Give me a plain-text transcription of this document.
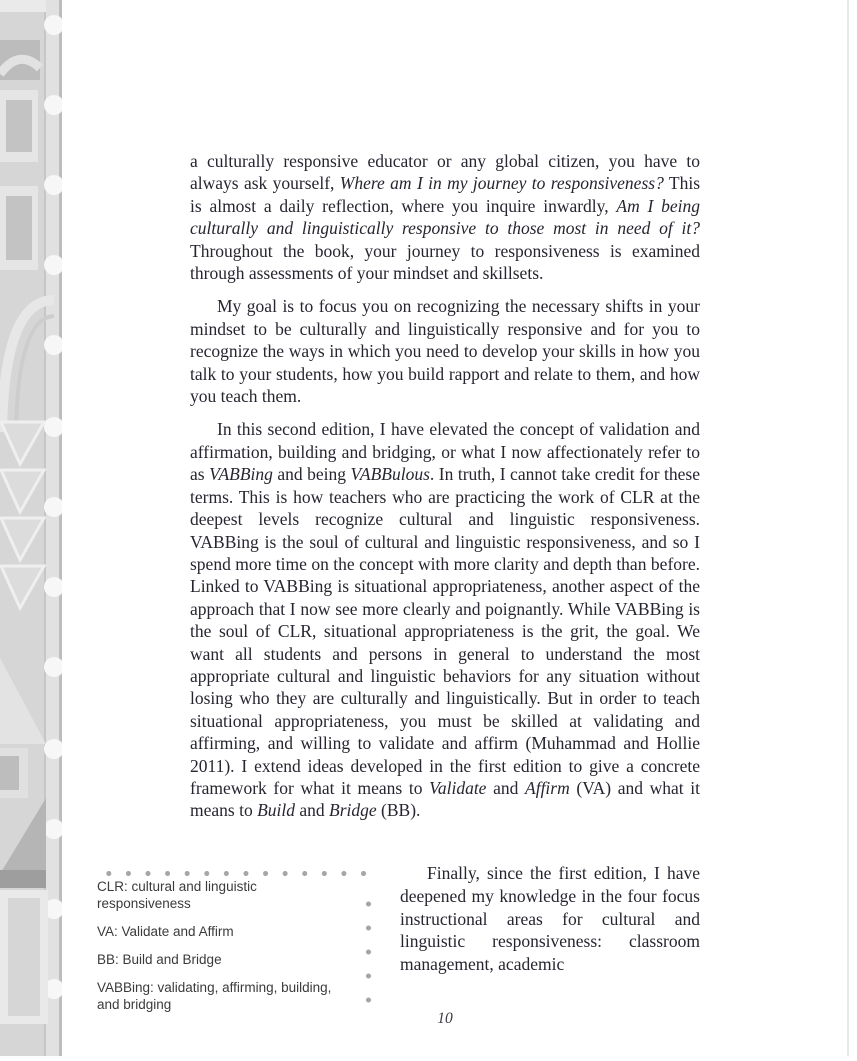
a culturally responsive educator or any global citizen, you have to always ask yourself, Where am I in my journey to responsiveness? This is almost a daily reflection, where you inquire inwardly, Am I being culturally and linguistically responsive to those most in need of it? Throughout the book, your journey to responsiveness is examined through assessments of your mindset and skillsets.

My goal is to focus you on recognizing the necessary shifts in your mindset to be culturally and linguistically responsive and for you to recognize the ways in which you need to develop your skills in how you talk to your students, how you build rapport and relate to them, and how you teach them.

In this second edition, I have elevated the concept of validation and affirmation, building and bridging, or what I now affectionately refer to as VABBing and being VABBulous. In truth, I cannot take credit for these terms. This is how teachers who are practicing the work of CLR at the deepest levels recognize cultural and linguistic responsiveness. VABBing is the soul of cultural and linguistic responsiveness, and so I spend more time on the concept with more clarity and depth than before. Linked to VABBing is situational appropriateness, another aspect of the approach that I now see more clearly and poignantly. While VABBing is the soul of CLR, situational appropriateness is the grit, the goal. We want all students and persons in general to understand the most appropriate cultural and linguistic behaviors for any situation without losing who they are culturally and linguistically. But in order to teach situational appropriateness, you must be skilled at validating and affirming, and willing to validate and affirm (Muhammad and Hollie 2011). I extend ideas developed in the first edition to give a concrete framework for what it means to Validate and Affirm (VA) and what it means to Build and Bridge (BB).

CLR: cultural and linguistic responsiveness

VA: Validate and Affirm

BB: Build and Bridge

VABBing: validating, affirming, building, and bridging

Finally, since the first edition, I have deepened my knowledge in the four focus instructional areas for cultural and linguistic responsiveness: classroom management, academic
10
